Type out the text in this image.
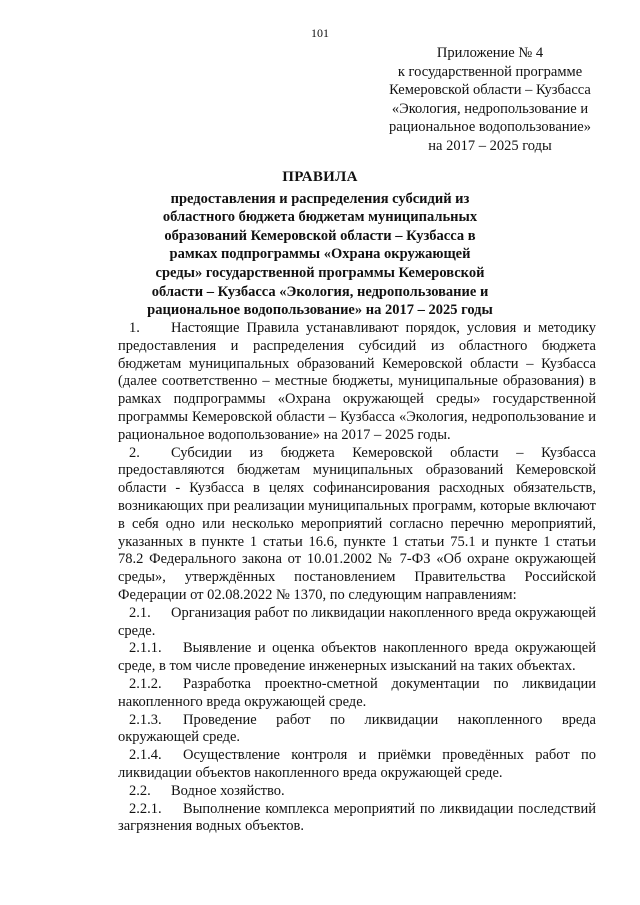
101
Приложение № 4
к государственной программе
Кемеровской области – Кузбасса
«Экология, недропользование и
рациональное водопользование»
на 2017 – 2025 годы
ПРАВИЛА
предоставления и распределения субсидий из
областного бюджета бюджетам муниципальных
образований Кемеровской области – Кузбасса в
рамках подпрограммы «Охрана окружающей
среды» государственной программы Кемеровской
области – Кузбасса «Экология, недропользование и
рациональное водопользование» на 2017 – 2025 годы

1. Настоящие Правила устанавливают порядок, условия и методику предоставления и распределения субсидий из областного бюджета бюджетам муниципальных образований Кемеровской области – Кузбасса (далее соответственно – местные бюджеты, муниципальные образования) в рамках подпрограммы «Охрана окружающей среды» государственной программы Кемеровской области – Кузбасса «Экология, недропользование и рациональное водопользование» на 2017 – 2025 годы.

2. Субсидии из бюджета Кемеровской области – Кузбасса предоставляются бюджетам муниципальных образований Кемеровской области - Кузбасса в целях софинансирования расходных обязательств, возникающих при реализации муниципальных программ, которые включают в себя одно или несколько мероприятий согласно перечню мероприятий, указанных в пункте 1 статьи 16.6, пункте 1 статьи 75.1 и пункте 1 статьи 78.2 Федерального закона от 10.01.2002 № 7-ФЗ «Об охране окружающей среды», утверждённых постановлением Правительства Российской Федерации от 02.08.2022 № 1370, по следующим направлениям:

2.1. Организация работ по ликвидации накопленного вреда окружающей среде.

2.1.1. Выявление и оценка объектов накопленного вреда окружающей среде, в том числе проведение инженерных изысканий на таких объектах.

2.1.2. Разработка проектно-сметной документации по ликвидации накопленного вреда окружающей среде.

2.1.3. Проведение работ по ликвидации накопленного вреда окружающей среде.

2.1.4. Осуществление контроля и приёмки проведённых работ по ликвидации объектов накопленного вреда окружающей среде.

2.2. Водное хозяйство.

2.2.1. Выполнение комплекса мероприятий по ликвидации последствий загрязнения водных объектов.
